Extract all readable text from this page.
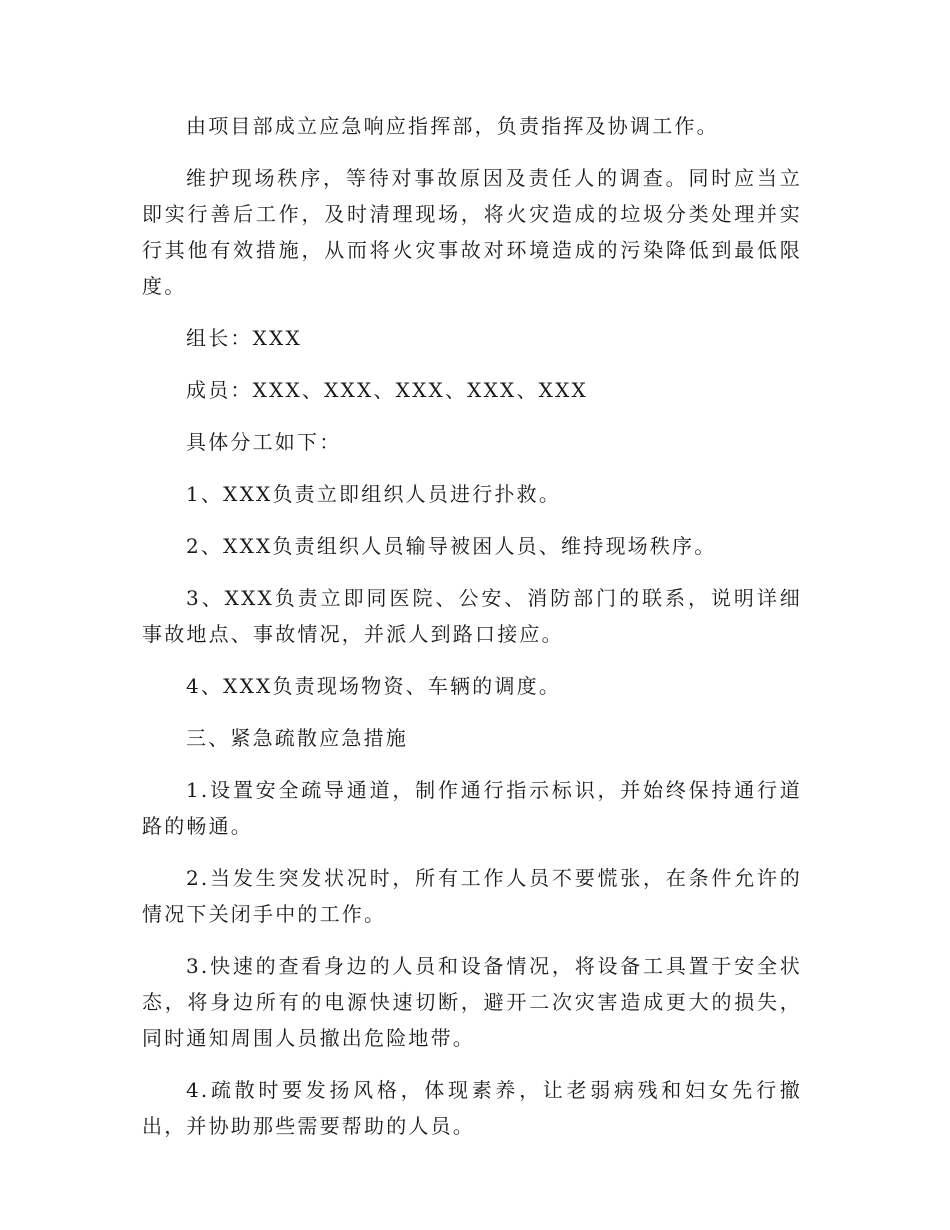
由项目部成立应急响应指挥部，负责指挥及协调工作。

维护现场秩序，等待对事故原因及责任人的调查。同时应当立即实行善后工作，及时清理现场，将火灾造成的垃圾分类处理并实行其他有效措施，从而将火灾事故对环境造成的污染降低到最低限度。

组长：XXX

成员：XXX、XXX、XXX、XXX、XXX

具体分工如下：

1、XXX负责立即组织人员进行扑救。

2、XXX负责组织人员输导被困人员、维持现场秩序。

3、XXX负责立即同医院、公安、消防部门的联系，说明详细事故地点、事故情况，并派人到路口接应。

4、XXX负责现场物资、车辆的调度。

三、紧急疏散应急措施

1.设置安全疏导通道，制作通行指示标识，并始终保持通行道路的畅通。

2.当发生突发状况时，所有工作人员不要慌张，在条件允许的情况下关闭手中的工作。

3.快速的查看身边的人员和设备情况，将设备工具置于安全状态，将身边所有的电源快速切断，避开二次灾害造成更大的损失，同时通知周围人员撤出危险地带。

4.疏散时要发扬风格，体现素养，让老弱病残和妇女先行撤出，并协助那些需要帮助的人员。
